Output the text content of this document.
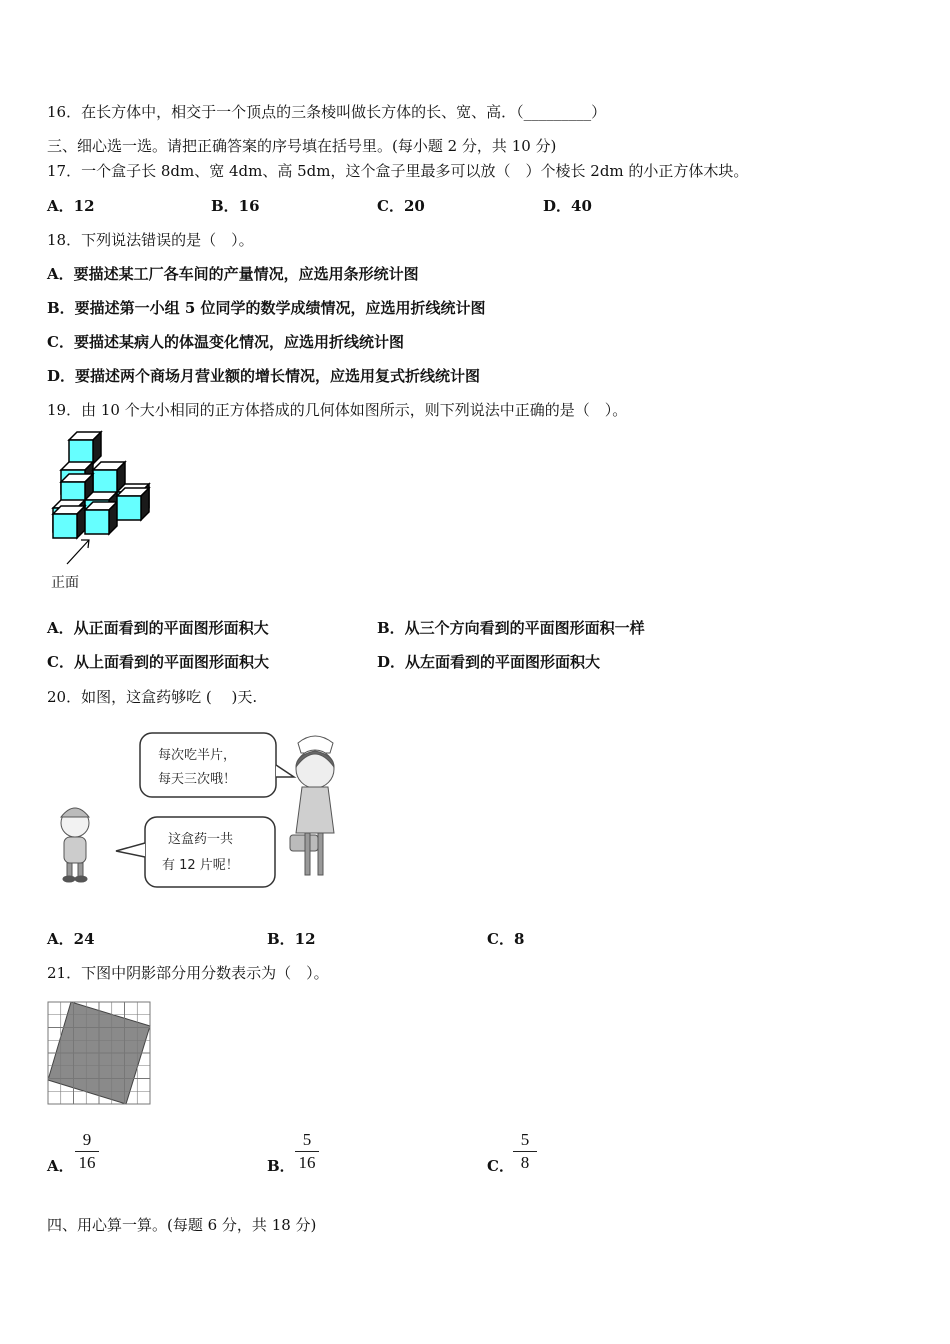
16．在长方体中，相交于一个顶点的三条棱叫做长方体的长、宽、高．（_________）
三、细心选一选。请把正确答案的序号填在括号里。(每小题 2 分，共 10 分)
17．一个盒子长 8dm、宽 4dm、高 5dm，这个盒子里最多可以放（　）个棱长 2dm 的小正方体木块。
A．12	B．16	C．20	D．40
18．下列说法错误的是（　）。
A．要描述某工厂各车间的产量情况，应选用条形统计图
B．要描述第一小组 5 位同学的数学成绩情况，应选用折线统计图
C．要描述某病人的体温变化情况，应选用折线统计图
D．要描述两个商场月营业额的增长情况，应选用复式折线统计图
19．由 10 个大小相同的正方体搭成的几何体如图所示，则下列说法中正确的是（　）。
正面
A．从正面看到的平面图形面积大	B．从三个方向看到的平面图形面积一样
C．从上面看到的平面图形面积大	D．从左面看到的平面图形面积大
20．如图，这盒药够吃 (　 )天.
每次吃半片，
每天三次哦！
这盒药一共
有 12 片呢！
A．24	B．12	C．8
21．下图中阴影部分用分数表示为（　）。
A．
9
16	B．
5
16	C．
5
8
四、用心算一算。(每题 6 分，共 18 分)
